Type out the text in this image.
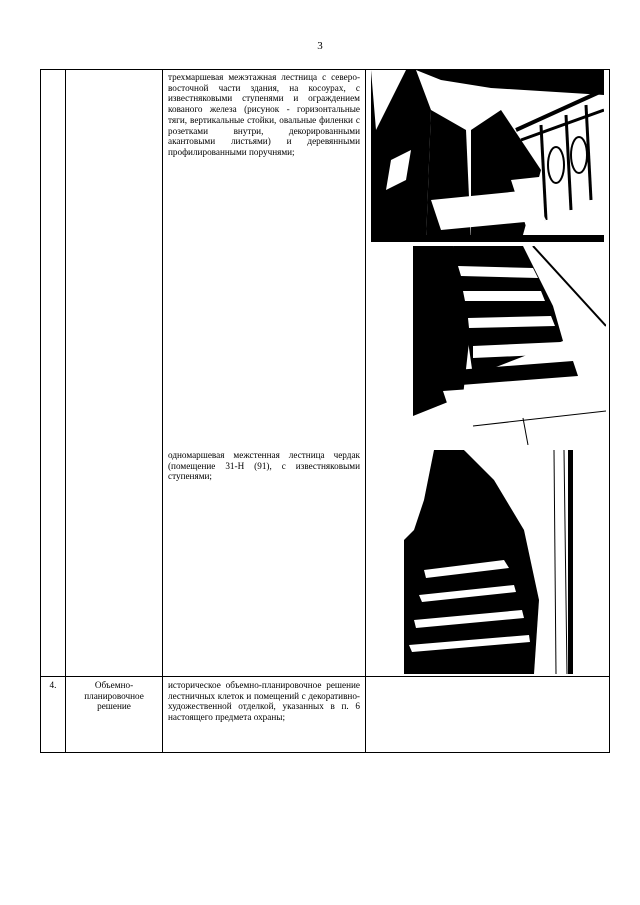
3
трехмаршевая межэтажная лестница с северо-восточной части здания, на косоурах, с известняковыми ступенями и ограждением кованого железа (рисунок - горизонтальные тяги, вертикальные стойки, овальные филенки с розетками внутри, декорированными акантовыми листьями) и деревянными профилированными поручнями;
одномаршевая межстенная лестница чердак (помещение 31-Н (91), с известняковыми ступенями;
4.	Объемно-планировочное решение
историческое объемно-планировочное решение лестничных клеток и помещений с декоративно-художественной отделкой, указанных в п. 6 настоящего предмета охраны;
